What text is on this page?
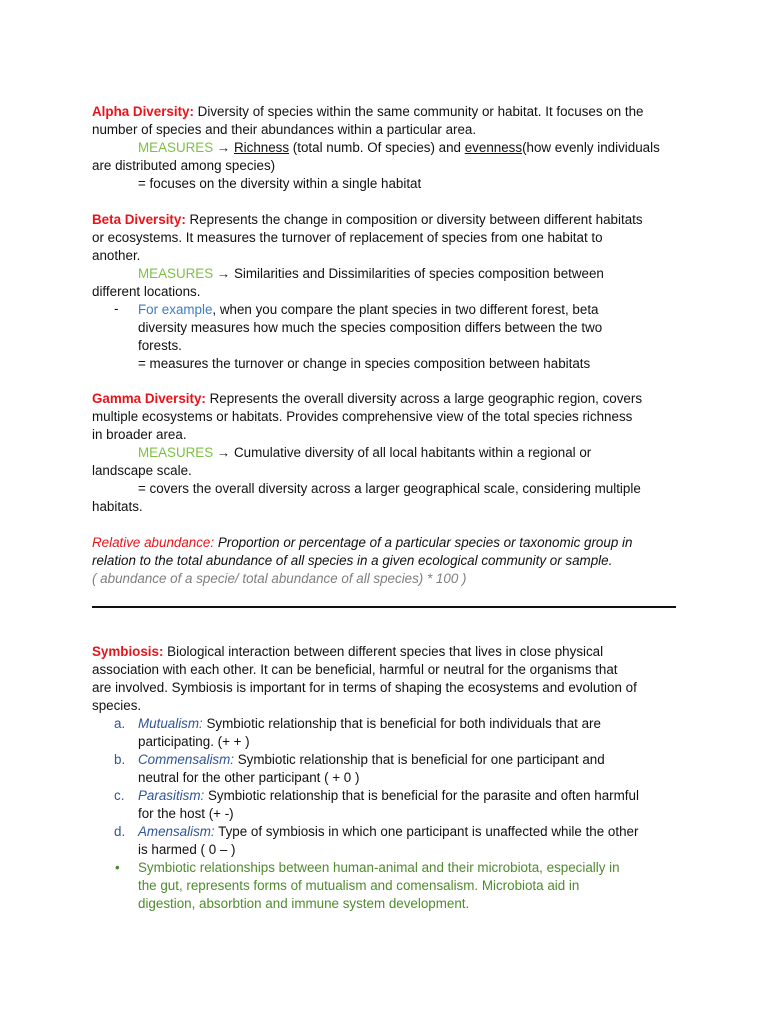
Alpha Diversity: Diversity of species within the same community or habitat. It focuses on the

number of species and their abundances within a particular area.

MEASURES → Richness (total numb. Of species) and evenness(how evenly individuals

are distributed among species)

= focuses on the diversity within a single habitat

Beta Diversity: Represents the change in composition or diversity between different habitats

or ecosystems. It measures the turnover of replacement of species from one habitat to

another.

MEASURES → Similarities and Dissimilarities of species composition between

different locations.

- For example, when you compare the plant species in two different forest, beta

diversity measures how much the species composition differs between the two

forests.

= measures the turnover or change in species composition between habitats

Gamma Diversity: Represents the overall diversity across a large geographic region, covers

multiple ecosystems or habitats. Provides comprehensive view of the total species richness

in broader area.

MEASURES → Cumulative diversity of all local habitants within a regional or

landscape scale.

= covers the overall diversity across a larger geographical scale, considering multiple

habitats.

Relative abundance: Proportion or percentage of a particular species or taxonomic group in

relation to the total abundance of all species in a given ecological community or sample.

( abundance of a specie/ total abundance of all species) * 100 )

Symbiosis: Biological interaction between different species that lives in close physical

association with each other. It can be beneficial, harmful or neutral for the organisms that

are involved. Symbiosis is important for in terms of shaping the ecosystems and evolution of

species.

a. Mutualism: Symbiotic relationship that is beneficial for both individuals that are

participating. (+ + )

b. Commensalism: Symbiotic relationship that is beneficial for one participant and

neutral for the other participant ( + 0 )

c. Parasitism: Symbiotic relationship that is beneficial for the parasite and often harmful

for the host (+ -)

d. Amensalism: Type of symbiosis in which one participant is unaffected while the other

is harmed ( 0 – )

• Symbiotic relationships between human-animal and their microbiota, especially in

the gut, represents forms of mutualism and comensalism. Microbiota aid in

digestion, absorbtion and immune system development.
